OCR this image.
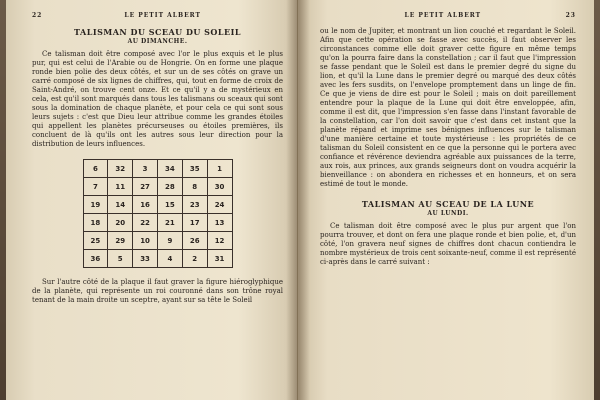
22	LE PETIT ALBERT
TALISMAN DU SCEAU DU SOLEIL
AU DIMANCHE.

Ce talisman doit être composé avec l'or le plus exquis et le plus pur, qui est celui de l'Arabie ou de Hongrie. On en forme une plaque ronde bien polie des deux côtés, et sur un de ses côtés on grave un carré composé de six lignes de chiffres, qui, tout en forme de croix de Saint-André, on trouve cent onze. Et ce qu'il y a de mystérieux en cela, est qu'il sont marqués dans tous les talismans ou sceaux qui sont sous la domination de chaque planète, et pour cela ce qui sont sous leurs sujets : c'est que Dieu leur attribue comme les grandes étoiles qui appellent les planètes précurseuses ou étoiles premières, ils concluent de là qu'ils ont les autres sous leur direction pour la distribution de leurs influences.

6	32	3	34	35	1
7	11	27	28	8	30
19	14	16	15	23	24
18	20	22	21	17	13
25	29	10	9	26	12
36	5	33	4	2	31

Sur l'autre côté de la plaque il faut graver la figure hiéroglyphique de la planète, qui représente un roi couronné dans son trône royal tenant de la main droite un sceptre, ayant sur sa tête le Soleil

LE PETIT ALBERT	23

ou le nom de Jupiter, et montrant un lion couché et regardant le Soleil. Afin que cette opération se fasse avec succès, il faut observer les circonstances comme elle doit graver cette figure en même temps qu'on la pourra faire dans la constellation ; car il faut que l'impression se fasse pendant que le Soleil est dans le premier degré du signe du lion, et qu'il la Lune dans le premier degré ou marqué des deux côtés avec les fers susdits, on l'envelope promptement dans un linge de fin. Ce que je viens de dire est pour le Soleil ; mais on doit pareillement entendre pour la plaque de la Lune qui doit être enveloppée, afin, comme il est dit, que l'impression s'en fasse dans l'instant favorable de la constellation, car l'on doit savoir que c'est dans cet instant que la planète répand et imprime ses bénignes influences sur le talisman d'une manière certaine et toute mystérieuse : les propriétés de ce talisman du Soleil consistent en ce que la personne qui le portera avec confiance et révérence deviendra agréable aux puissances de la terre, aux rois, aux princes, aux grands seigneurs dont on voudra acquérir la bienveillance : on abondera en richesses et en honneurs, et on sera estimé de tout le monde.

TALISMAN AU SCEAU DE LA LUNE
AU LUNDI.

Ce talisman doit être composé avec le plus pur argent que l'on pourra trouver, et dont on fera une plaque ronde et bien polie, et, d'un côté, l'on gravera neuf signes de chiffres dont chacun contiendra le nombre mystérieux de trois cent soixante-neuf, comme il est représenté ci-après dans le carré suivant :
